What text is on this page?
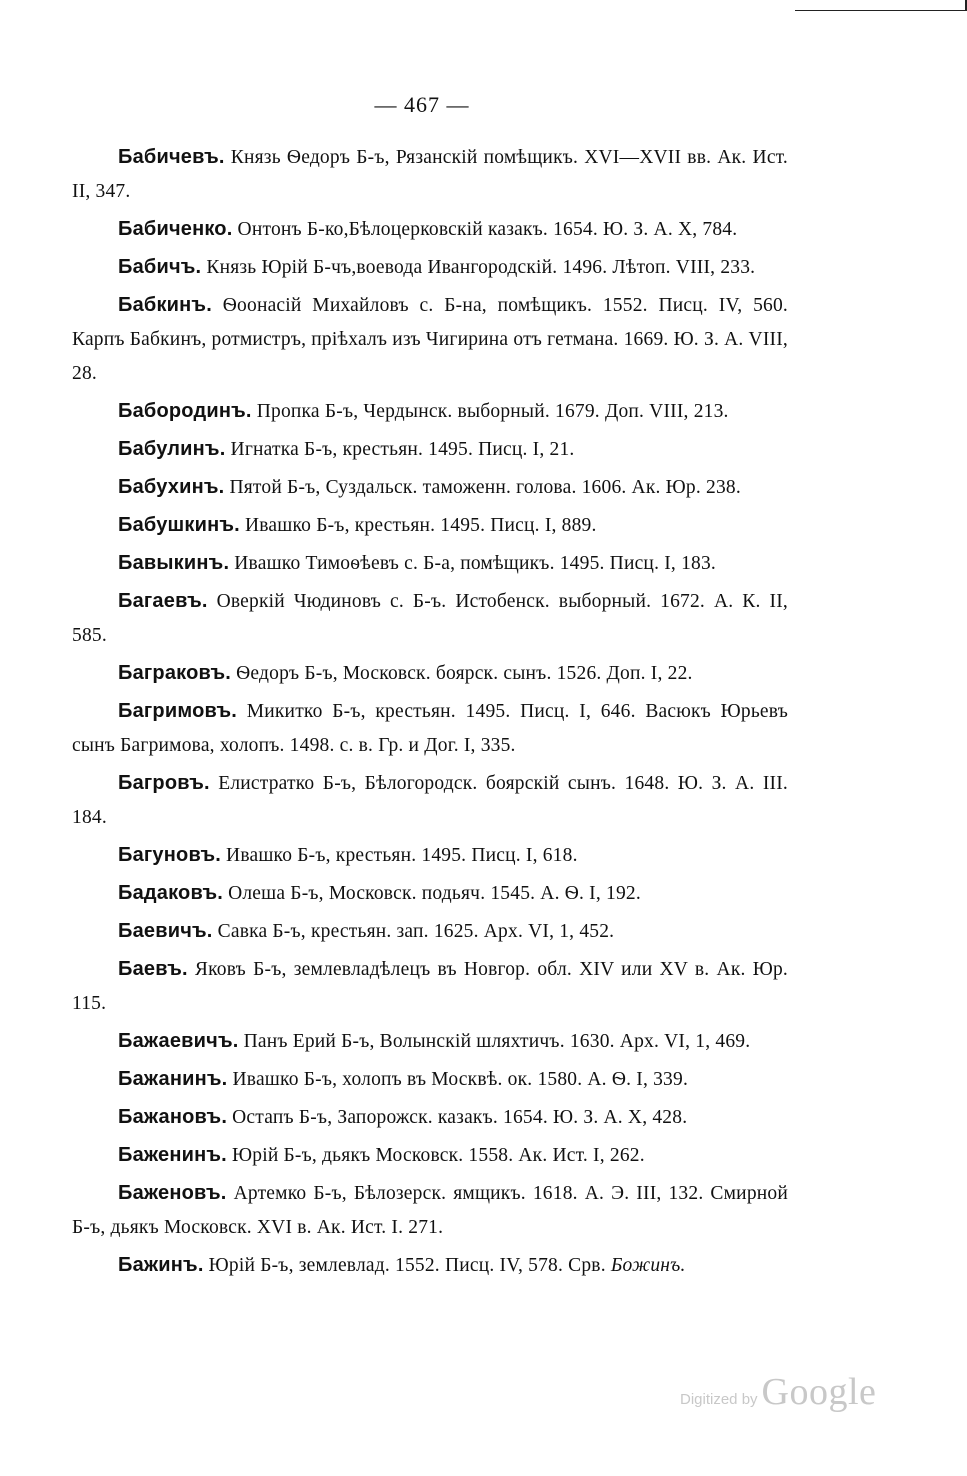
— 467 —

Бабичевъ. Князь Ѳедоръ Б-ъ, Рязанскій помѣщикъ. XVI—XVII вв. Ак. Ист. II, 347.

Бабиченко. Онтонъ Б-ко,Бѣлоцерковскій казакъ. 1654. Ю. З. А. X, 784.

Бабичъ. Князь Юрій Б-чъ,воевода Ивангородскій. 1496. Лѣтоп. VIII, 233.

Бабкинъ. Ѳоонасій Михайловъ с. Б-на, помѣщикъ. 1552. Писц. IV, 560. Карпъ Бабкинъ, ротмистръ, пріѣхалъ изъ Чигирина отъ гетмана. 1669. Ю. З. А. VIII, 28.

Бабородинъ. Пропка Б-ъ, Чердынск. выборный. 1679. Доп. VIII, 213.

Бабулинъ. Игнатка Б-ъ, крестьян. 1495. Писц. I, 21.

Бабухинъ. Пятой Б-ъ, Суздальск. таможенн. голова. 1606. Ак. Юр. 238.

Бабушкинъ. Ивашко Б-ъ, крестьян. 1495. Писц. I, 889.

Бавыкинъ. Ивашко Тимоѳѣевъ с. Б-а, помѣщикъ. 1495. Писц. I, 183.

Багаевъ. Оверкій Чюдиновъ с. Б-ъ. Истобенск. выборный. 1672. А. К. II, 585.

Багpаковъ. Ѳедоръ Б-ъ, Московск. боярск. сынъ. 1526. Доп. I, 22.

Багримовъ. Микитко Б-ъ, крестьян. 1495. Писц. I, 646. Васюкъ Юрьевъ сынъ Багримова, холопъ. 1498. с. в. Гр. и Дог. I, 335.

Багровъ. Елистратко Б-ъ, Бѣлогородск. боярскій сынъ. 1648. Ю. З. А. III. 184.

Багуновъ. Ивашко Б-ъ, крестьян. 1495. Писц. I, 618.

Бадаковъ. Олеша Б-ъ, Московск. подьяч. 1545. А. Ѳ. I, 192.

Баевичъ. Савка Б-ъ, крестьян. зап. 1625. Арх. VI, 1, 452.

Баевъ. Яковъ Б-ъ, землевладѣлецъ въ Новгор. обл. XIV или XV в. Ак. Юр. 115.

Бажаевичъ. Панъ Ерий Б-ъ, Волынскій шляхтичъ. 1630. Арх. VI, 1, 469.

Бажанинъ. Ивашко Б-ъ, холопъ въ Москвѣ. ок. 1580. А. Ѳ. I, 339.

Бажановъ. Остапъ Б-ъ, Запорожск. казакъ. 1654. Ю. З. А. X, 428.

Баженинъ. Юрій Б-ъ, дьякъ Московск. 1558. Ак. Ист. I, 262.

Баженовъ. Артемко Б-ъ, Бѣлозерск. ямщикъ. 1618. А. Э. III, 132. Смирной Б-ъ, дьякъ Московск. XVI в. Ак. Ист. I. 271.

Бажинъ. Юрій Б-ъ, землевлад. 1552. Писц. IV, 578. Срв. Божинъ.

Digitized by Google
